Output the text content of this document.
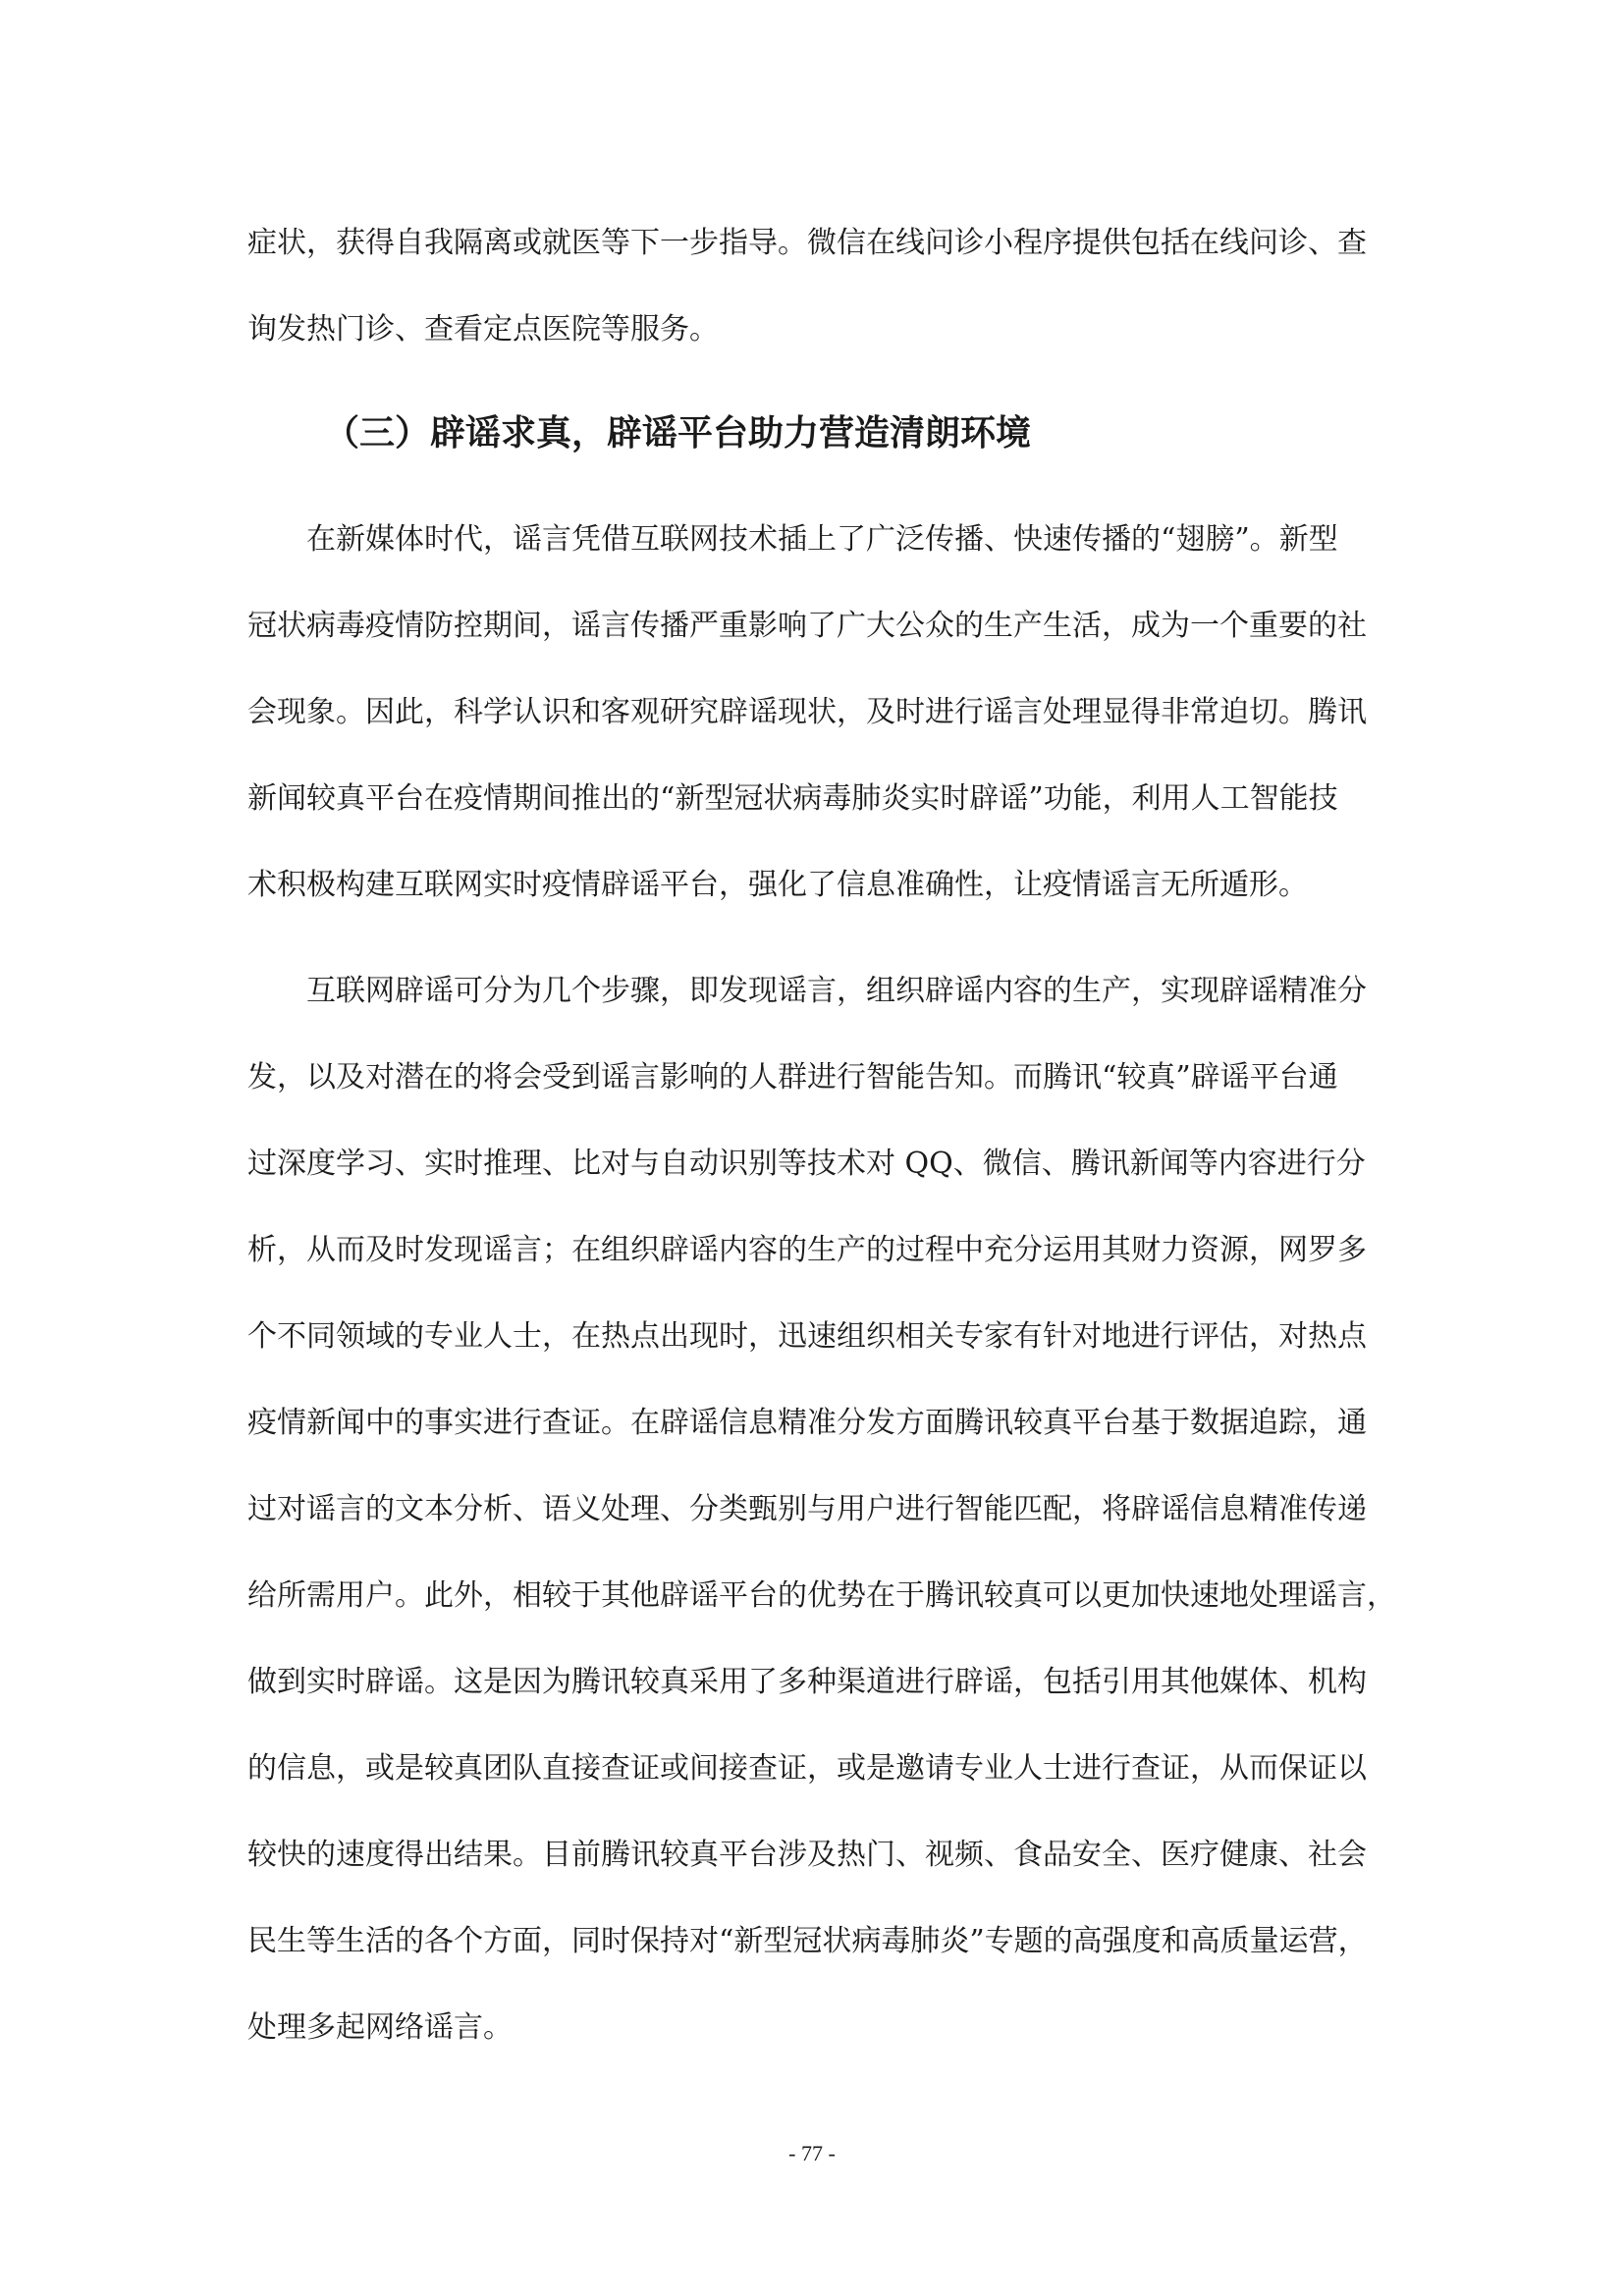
症状，获得自我隔离或就医等下一步指导。微信在线问诊小程序提供包括在线问诊、查
询发热门诊、查看定点医院等服务。
（三）辟谣求真，辟谣平台助力营造清朗环境
在新媒体时代，谣言凭借互联网技术插上了广泛传播、快速传播的“翅膀”。新型
冠状病毒疫情防控期间，谣言传播严重影响了广大公众的生产生活，成为一个重要的社
会现象。因此，科学认识和客观研究辟谣现状，及时进行谣言处理显得非常迫切。腾讯
新闻较真平台在疫情期间推出的“新型冠状病毒肺炎实时辟谣”功能，利用人工智能技
术积极构建互联网实时疫情辟谣平台，强化了信息准确性，让疫情谣言无所遁形。
互联网辟谣可分为几个步骤，即发现谣言，组织辟谣内容的生产，实现辟谣精准分
发，以及对潜在的将会受到谣言影响的人群进行智能告知。而腾讯“较真”辟谣平台通
过深度学习、实时推理、比对与自动识别等技术对 QQ、微信、腾讯新闻等内容进行分
析，从而及时发现谣言；在组织辟谣内容的生产的过程中充分运用其财力资源，网罗多
个不同领域的专业人士，在热点出现时，迅速组织相关专家有针对地进行评估，对热点
疫情新闻中的事实进行查证。在辟谣信息精准分发方面腾讯较真平台基于数据追踪，通
过对谣言的文本分析、语义处理、分类甄别与用户进行智能匹配，将辟谣信息精准传递
给所需用户。此外，相较于其他辟谣平台的优势在于腾讯较真可以更加快速地处理谣言，
做到实时辟谣。这是因为腾讯较真采用了多种渠道进行辟谣，包括引用其他媒体、机构
的信息，或是较真团队直接查证或间接查证，或是邀请专业人士进行查证，从而保证以
较快的速度得出结果。目前腾讯较真平台涉及热门、视频、食品安全、医疗健康、社会
民生等生活的各个方面，同时保持对“新型冠状病毒肺炎”专题的高强度和高质量运营，
处理多起网络谣言。
- 77 -
